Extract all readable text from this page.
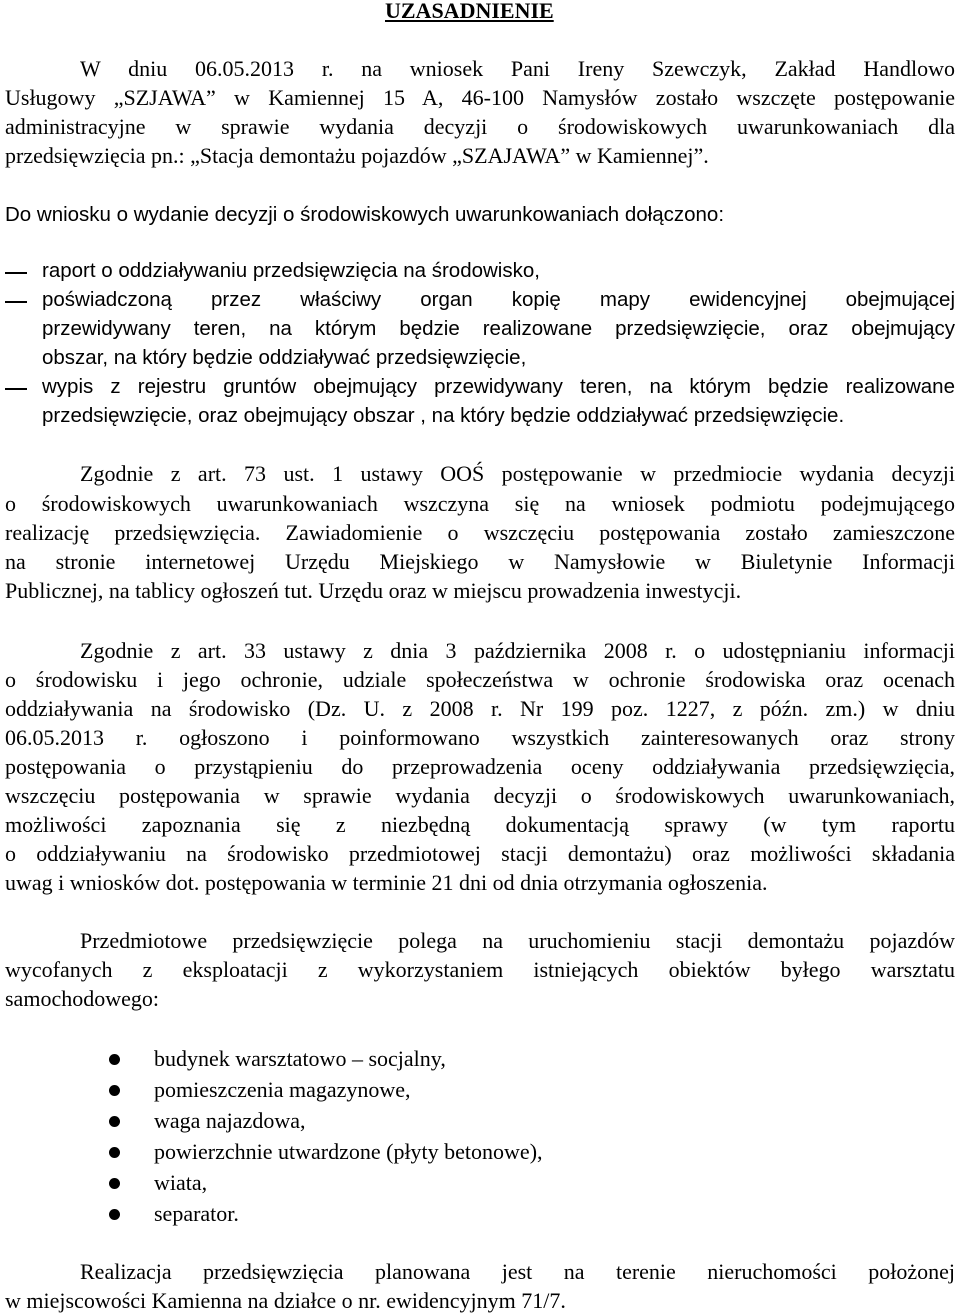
UZASADNIENIE
W dniu 06.05.2013 r. na wniosek Pani Ireny Szewczyk, Zakład Handlowo
Usługowy „SZJAWA” w Kamiennej 15 A, 46-100 Namysłów zostało wszczęte postępowanie
administracyjne w sprawie wydania decyzji o środowiskowych uwarunkowaniach dla
przedsięwzięcia pn.: „Stacja demontażu pojazdów „SZAJAWA” w Kamiennej”.
Do wniosku o wydanie decyzji o środowiskowych uwarunkowaniach dołączono:
raport o oddziaływaniu przedsięwzięcia na środowisko,
poświadczoną przez właściwy organ kopię mapy ewidencyjnej obejmującej
przewidywany teren, na którym będzie realizowane przedsięwzięcie, oraz obejmujący
obszar, na który będzie oddziaływać przedsięwzięcie,
wypis z rejestru gruntów obejmujący przewidywany teren, na którym będzie realizowane
przedsięwzięcie, oraz obejmujący obszar , na który będzie oddziaływać przedsięwzięcie.
Zgodnie z art. 73 ust. 1 ustawy OOŚ postępowanie w przedmiocie wydania decyzji
o środowiskowych uwarunkowaniach wszczyna się na wniosek podmiotu podejmującego
realizację przedsięwzięcia. Zawiadomienie o wszczęciu postępowania zostało zamieszczone
na stronie internetowej Urzędu Miejskiego w Namysłowie w Biuletynie Informacji
Publicznej, na tablicy ogłoszeń tut. Urzędu oraz w miejscu prowadzenia inwestycji.
Zgodnie z art. 33 ustawy z dnia 3 października 2008 r. o udostępnianiu informacji
o środowisku i jego ochronie, udziale społeczeństwa w ochronie środowiska oraz ocenach
oddziaływania na środowisko (Dz. U. z 2008 r. Nr 199 poz. 1227, z późn. zm.) w dniu
06.05.2013 r. ogłoszono i poinformowano wszystkich zainteresowanych oraz strony
postępowania o przystąpieniu do przeprowadzenia oceny oddziaływania przedsięwzięcia,
wszczęciu postępowania w sprawie wydania decyzji o środowiskowych uwarunkowaniach,
możliwości zapoznania się z niezbędną dokumentacją sprawy (w tym raportu
o oddziaływaniu na środowisko przedmiotowej stacji demontażu) oraz możliwości składania
uwag i wniosków dot. postępowania w terminie 21 dni od dnia otrzymania ogłoszenia.
Przedmiotowe przedsięwzięcie polega na uruchomieniu stacji demontażu pojazdów
wycofanych z eksploatacji z wykorzystaniem istniejących obiektów byłego warsztatu
samochodowego:
budynek warsztatowo – socjalny,
pomieszczenia magazynowe,
waga najazdowa,
powierzchnie utwardzone (płyty betonowe),
wiata,
separator.
Realizacja przedsięwzięcia planowana jest na terenie nieruchomości położonej
w miejscowości Kamienna na działce o nr. ewidencyjnym 71/7.
